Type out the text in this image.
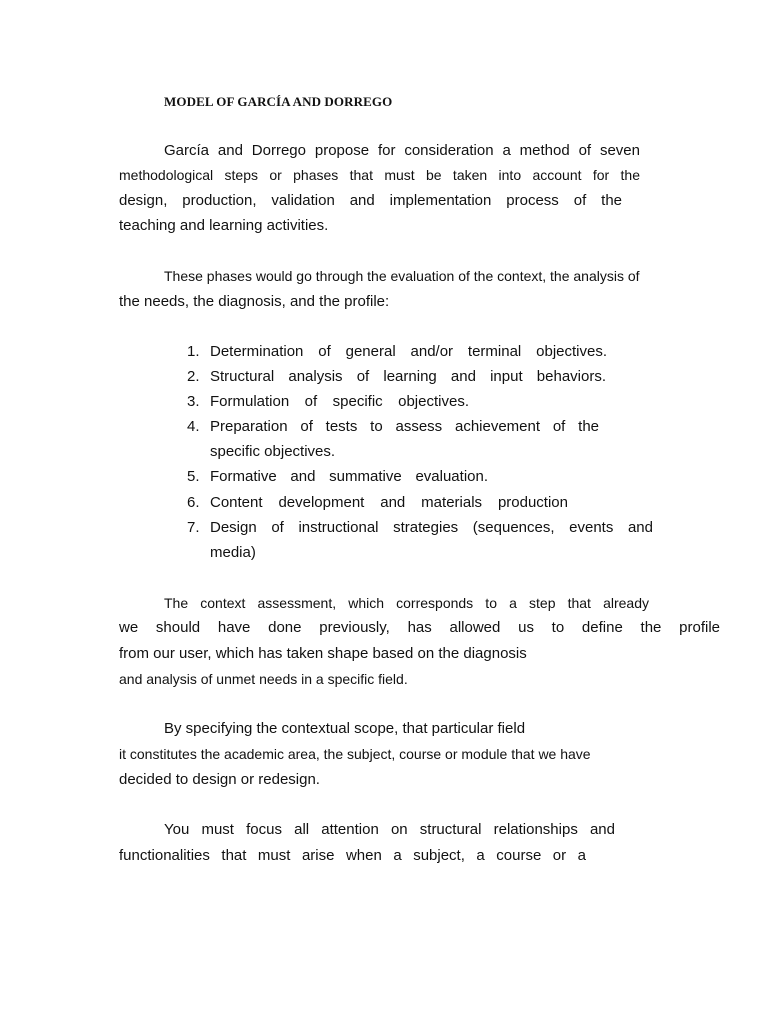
MODEL OF GARCÍA AND DORREGO
García and Dorrego propose for consideration a method of seven
methodological steps or phases that must be taken into account for the
design, production, validation and implementation process of the
teaching and learning activities.
These phases would go through the evaluation of the context, the analysis of
the needs, the diagnosis, and the profile:
1. Determination of general and/or terminal objectives.
2. Structural analysis of learning and input behaviors.
3. Formulation of specific objectives.
4. Preparation of tests to assess achievement of the
specific objectives.
5. Formative and summative evaluation.
6. Content development and materials production
7. Design of instructional strategies (sequences, events and
media)
The context assessment, which corresponds to a step that already
we should have done previously, has allowed us to define the profile
from our user, which has taken shape based on the diagnosis
and analysis of unmet needs in a specific field.
By specifying the contextual scope, that particular field
it constitutes the academic area, the subject, course or module that we have
decided to design or redesign.
You must focus all attention on structural relationships and
functionalities that must arise when a subject, a course or a
